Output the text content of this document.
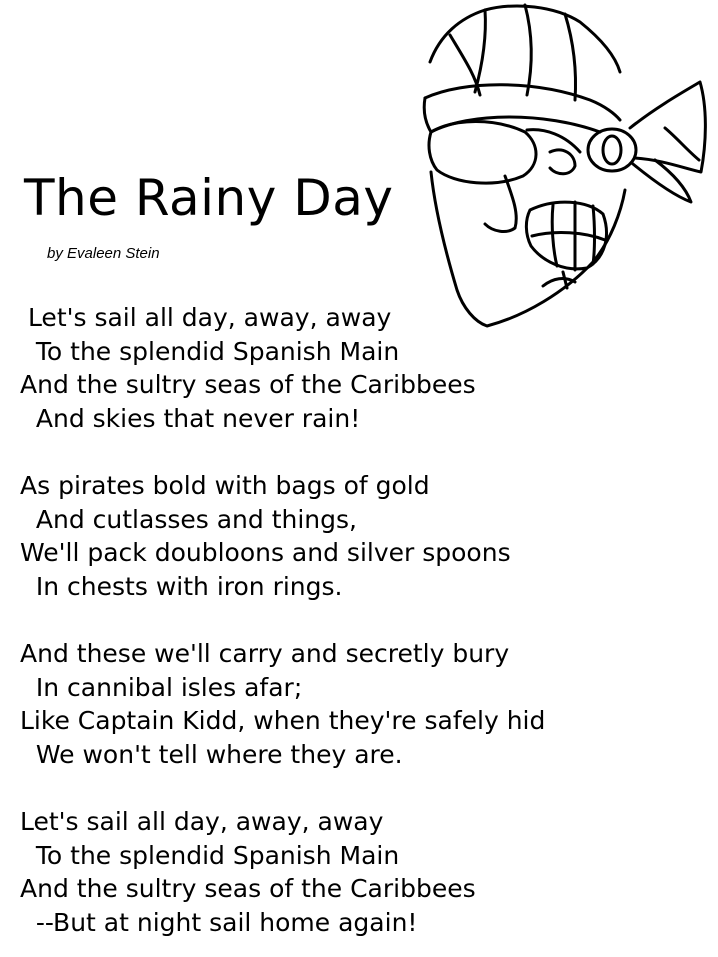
The Rainy Day
by Evaleen Stein
Let's sail all day, away, away
To the splendid Spanish Main
And the sultry seas of the Caribbees
And skies that never rain!
As pirates bold with bags of gold
And cutlasses and things,
We'll pack doubloons and silver spoons
In chests with iron rings.
And these we'll carry and secretly bury
In cannibal isles afar;
Like Captain Kidd, when they're safely hid
We won't tell where they are.
Let's sail all day, away, away
To the splendid Spanish Main
And the sultry seas of the Caribbees
--But at night sail home again!
